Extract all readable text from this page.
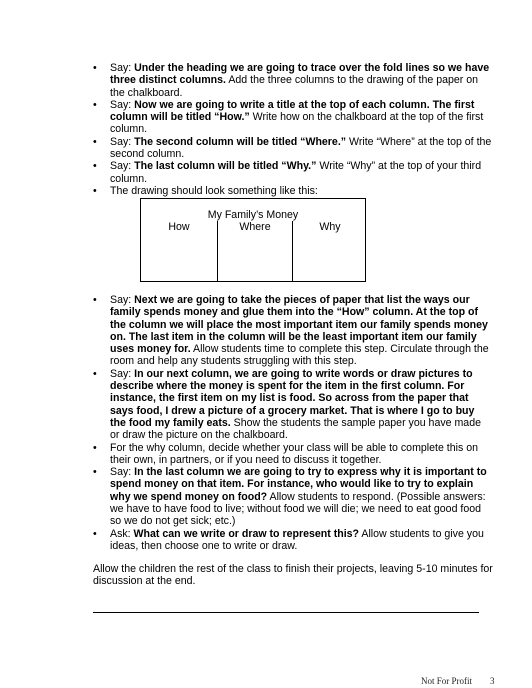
• Say: Under the heading we are going to trace over the fold lines so we have three distinct columns. Add the three columns to the drawing of the paper on the chalkboard.
• Say: Now we are going to write a title at the top of each column. The first column will be titled “How.” Write how on the chalkboard at the top of the first column.
• Say: The second column will be titled “Where.” Write “Where” at the top of the second column.
• Say: The last column will be titled “Why.” Write “Why” at the top of your third column.
• The drawing should look something like this:
My Family’s Money
How	Where	Why
• Say: Next we are going to take the pieces of paper that list the ways our family spends money and glue them into the “How” column. At the top of the column we will place the most important item our family spends money on. The last item in the column will be the least important item our family uses money for. Allow students time to complete this step. Circulate through the room and help any students struggling with this step.
• Say: In our next column, we are going to write words or draw pictures to describe where the money is spent for the item in the first column. For instance, the first item on my list is food. So across from the paper that says food, I drew a picture of a grocery market. That is where I go to buy the food my family eats. Show the students the sample paper you have made or draw the picture on the chalkboard.
• For the why column, decide whether your class will be able to complete this on their own, in partners, or if you need to discuss it together.
• Say: In the last column we are going to try to express why it is important to spend money on that item. For instance, who would like to try to explain why we spend money on food? Allow students to respond. (Possible answers: we have to have food to live; without food we will die; we need to eat good food so we do not get sick; etc.)
• Ask: What can we write or draw to represent this? Allow students to give you ideas, then choose one to write or draw.
Allow the children the rest of the class to finish their projects, leaving 5-10 minutes for discussion at the end.
Not For Profit 3
